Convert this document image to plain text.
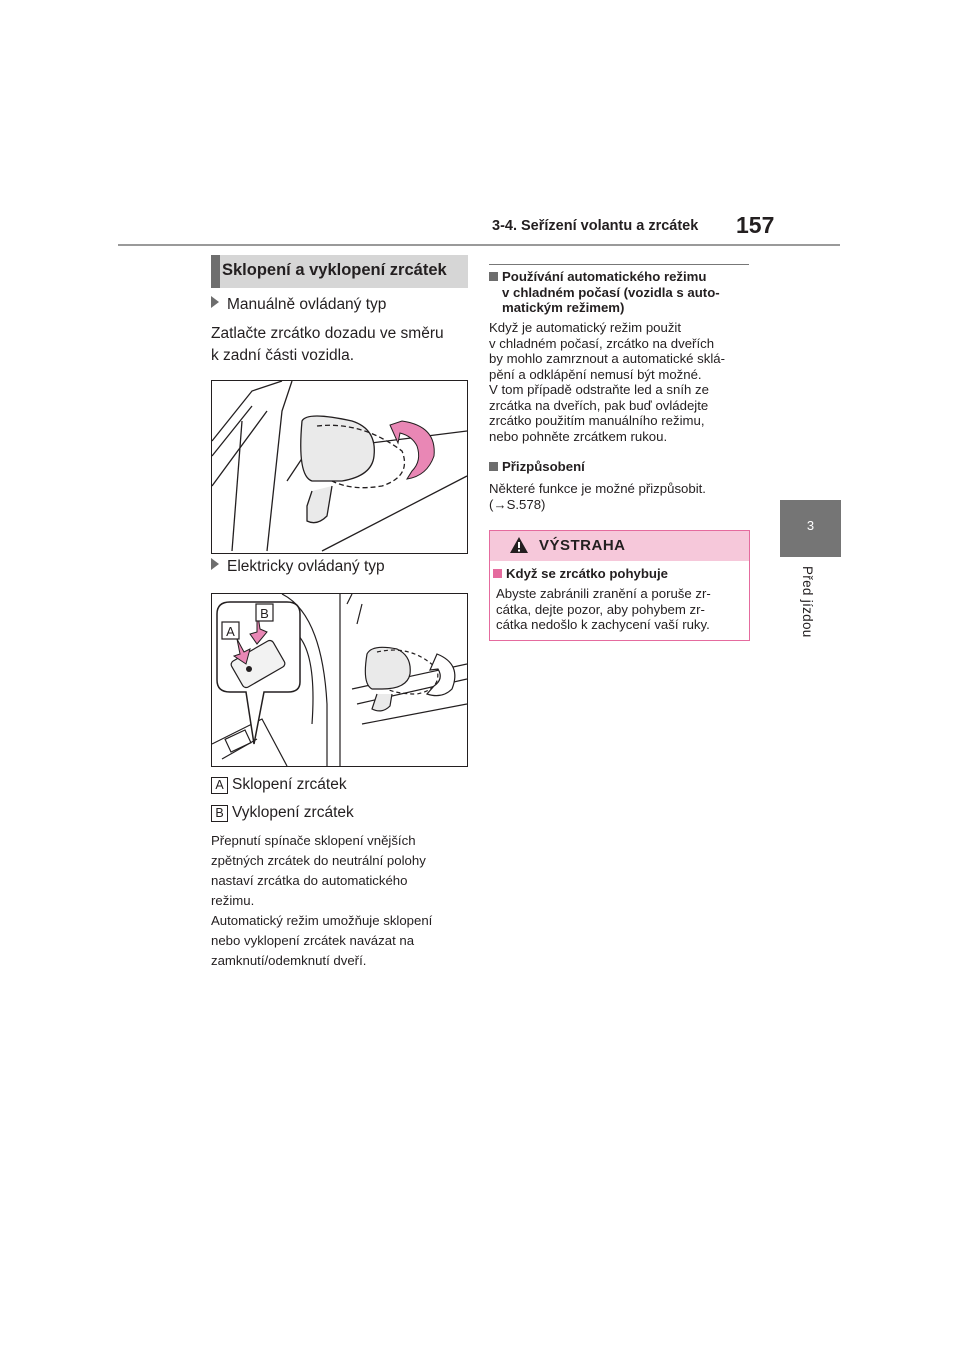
3-4. Seřízení volantu a zrcátek 157
3
Před jízdou
Sklopení a vyklopení zrcátek
Manuálně ovládaný typ
Zatlačte zrcátko dozadu ve směru
k zadní části vozidla.
Elektricky ovládaný typ
B
A
A Sklopení zrcátek
B Vyklopení zrcátek
Přepnutí spínače sklopení vnějších
zpětných zrcátek do neutrální polohy
nastaví zrcátka do automatického
režimu.
Automatický režim umožňuje sklopení
nebo vyklopení zrcátek navázat na
zamknutí/odemknutí dveří.
Používání automatického režimu
v chladném počasí (vozidla s auto-
matickým režimem)
Když je automatický režim použit
v chladném počasí, zrcátko na dveřích
by mohlo zamrznout a automatické sklá-
pění a odklápění nemusí být možné.
V tom případě odstraňte led a sníh ze
zrcátka na dveřích, pak buď ovládejte
zrcátko použitím manuálního režimu,
nebo pohněte zrcátkem rukou.
Přizpůsobení
Některé funkce je možné přizpůsobit.
(→S.578)
VÝSTRAHA
Když se zrcátko pohybuje
Abyste zabránili zranění a poruše zr-
cátka, dejte pozor, aby pohybem zr-
cátka nedošlo k zachycení vaší ruky.
